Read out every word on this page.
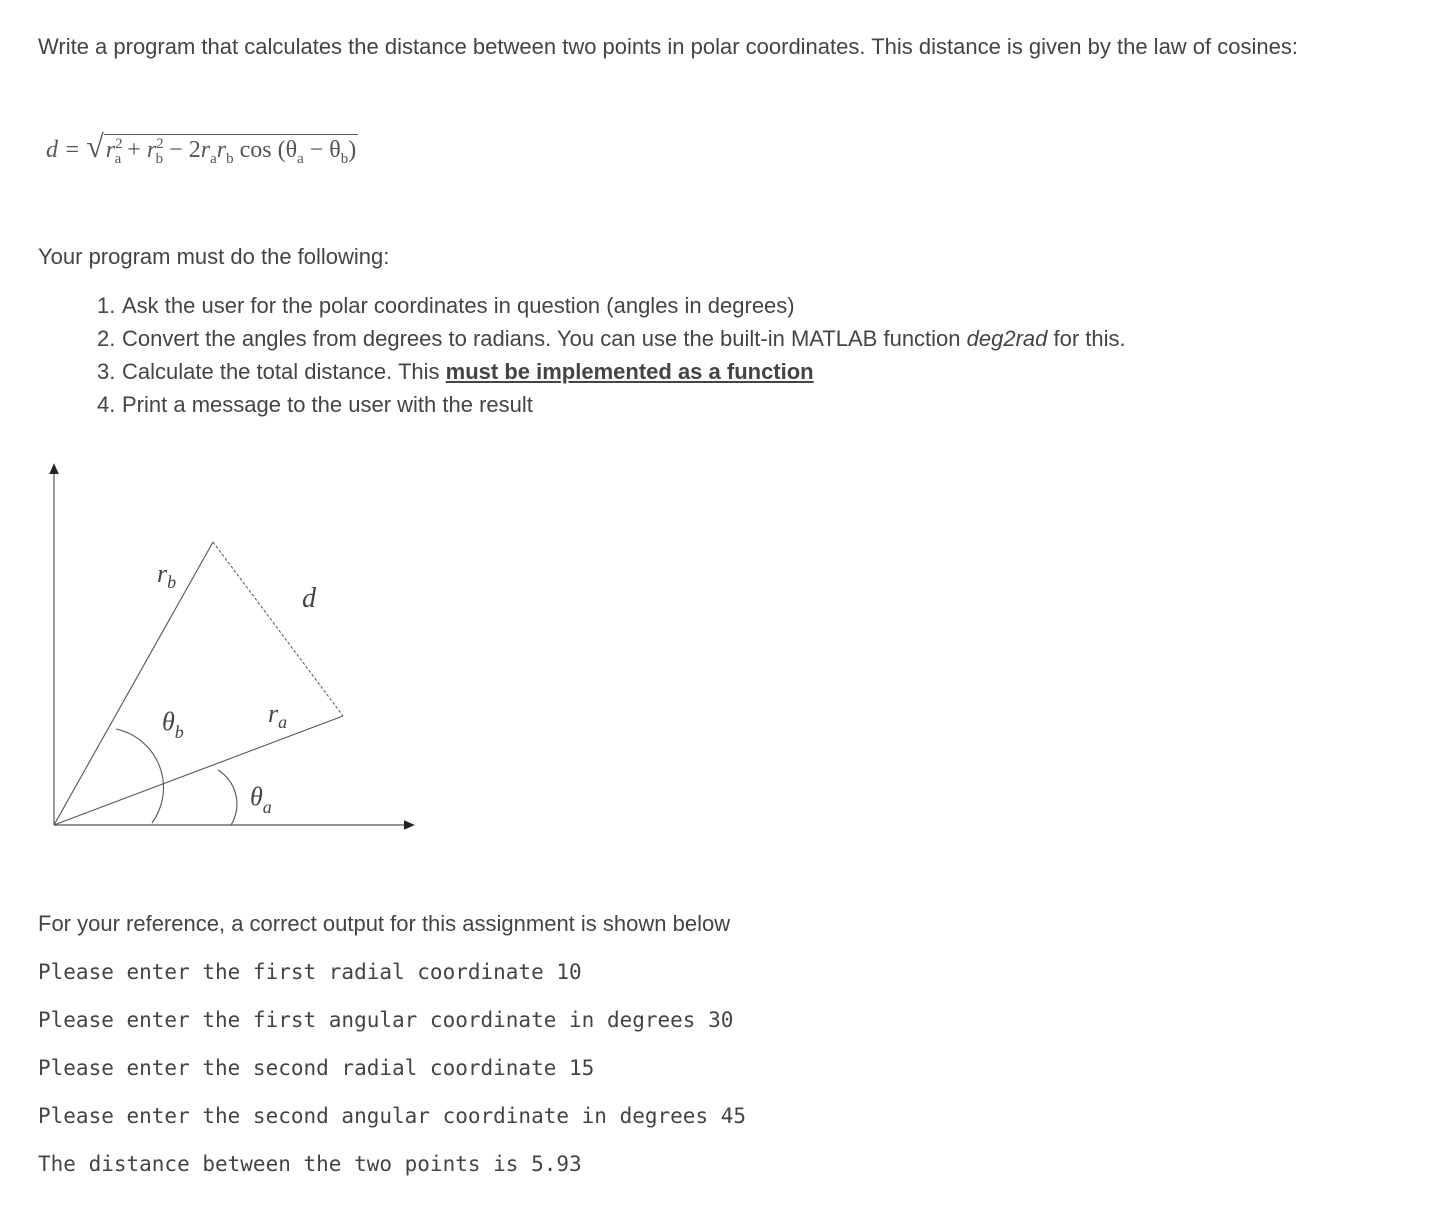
Write a program that calculates the distance between two points in polar coordinates. This distance is given by the law of cosines:
$d = √r^2_a + r^2_b - 2r_ar_b$ $\cos (\theta_a - \theta_b)$
Your program must do the following:
1. Ask the user for the polar coordinates in question (angles in degrees)
2. Convert the angles from degrees to radians. You can use the built-in MATLAB function deg2rad for this.
3. Calculate the total distance. This must be implemented as a function
4. Print a message to the user with the result
$r_b$
d
$r_a$
$\theta_b$
$\theta_a$
For your reference, a correct output for this assignment is shown below
Please enter the first radial coordinate 10
Please enter the first angular coordinate in degrees 30
Please enter the second radial coordinate 15
Please enter the second angular coordinate in degrees 45
The distance between the two points is 5.93
